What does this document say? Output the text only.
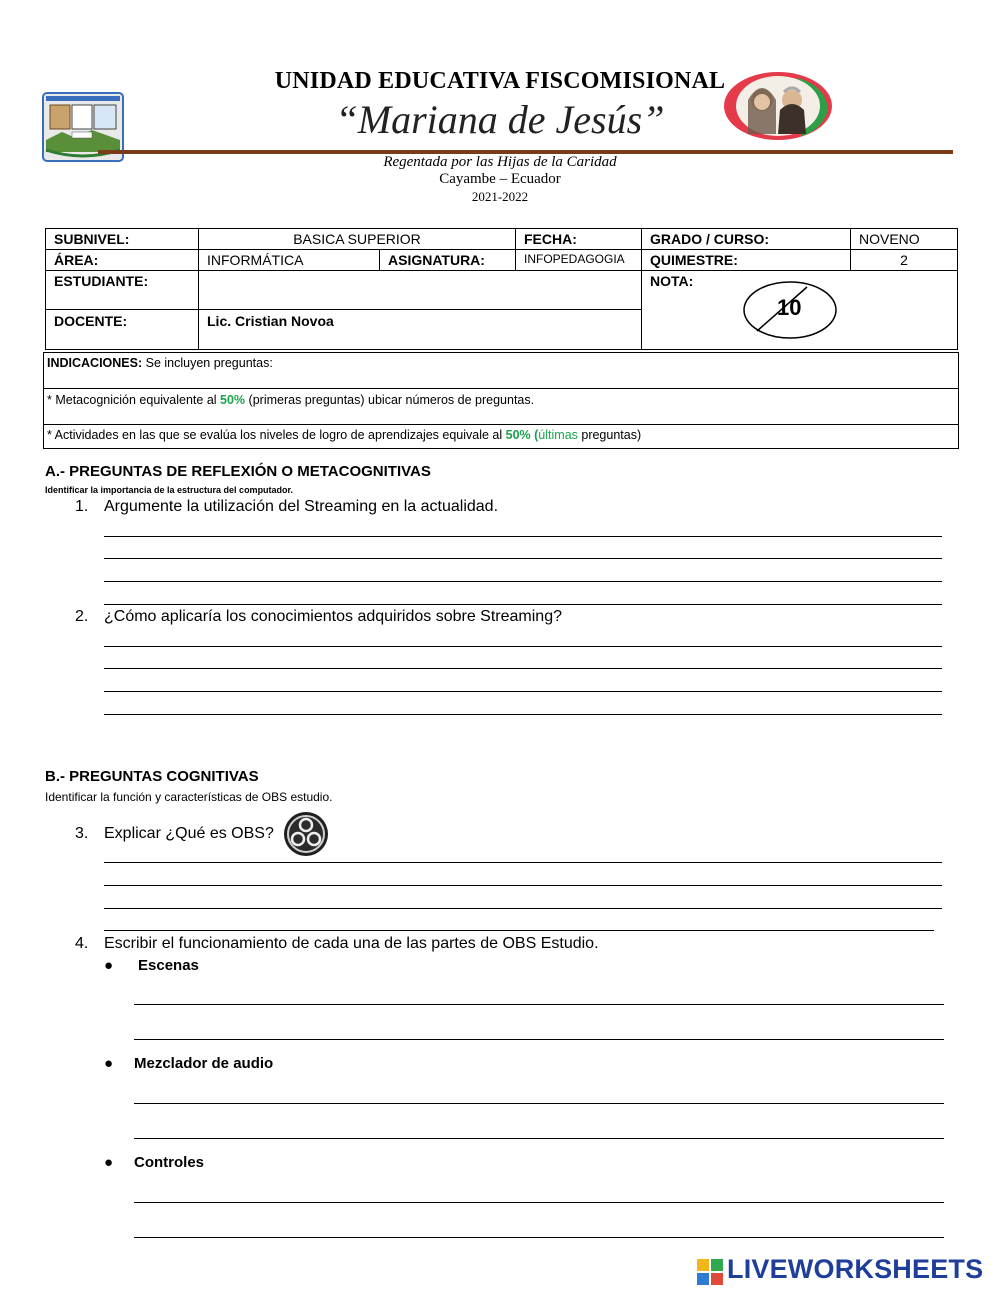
UNIDAD EDUCATIVA FISCOMISIONAL
“Mariana de Jesús”
Regentada por las Hijas de la Caridad
Cayambe – Ecuador
2021-2022
SUBNIVEL:	BASICA SUPERIOR		FECHA:	GRADO / CURSO:	NOVENO
ÁREA:	INFORMÁTICA	ASIGNATURA:	INFOPEDAGOGIA	QUIMESTRE:	2
ESTUDIANTE:				NOTA:	
DOCENTE:	Lic. Cristian Novoa				
10
INDICACIONES: Se incluyen preguntas:
* Metacognición equivalente al 50% (primeras preguntas) ubicar números de preguntas.
* Actividades en las que se evalúa los niveles de logro de aprendizajes equivale al 50% (últimas preguntas)
A.- PREGUNTAS DE REFLEXIÓN O METACOGNITIVAS
Identificar la importancia de la estructura del computador.
1. Argumente la utilización del Streaming en la actualidad.
2. ¿Cómo aplicaría los conocimientos adquiridos sobre Streaming?
B.- PREGUNTAS COGNITIVAS
Identificar la función y características de OBS estudio.
3. Explicar ¿Qué es OBS?
4. Escribir el funcionamiento de cada una de las partes de OBS Estudio.
● Escenas
● Mezclador de audio
● Controles
LIVEWORKSHEETS
